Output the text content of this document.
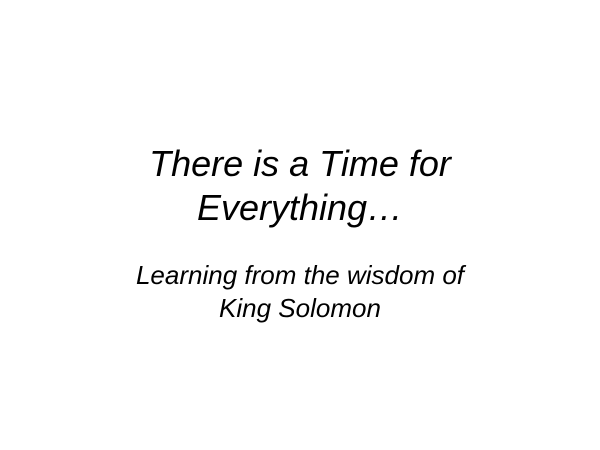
There is a Time for
Everything…

Learning from the wisdom of
King Solomon
